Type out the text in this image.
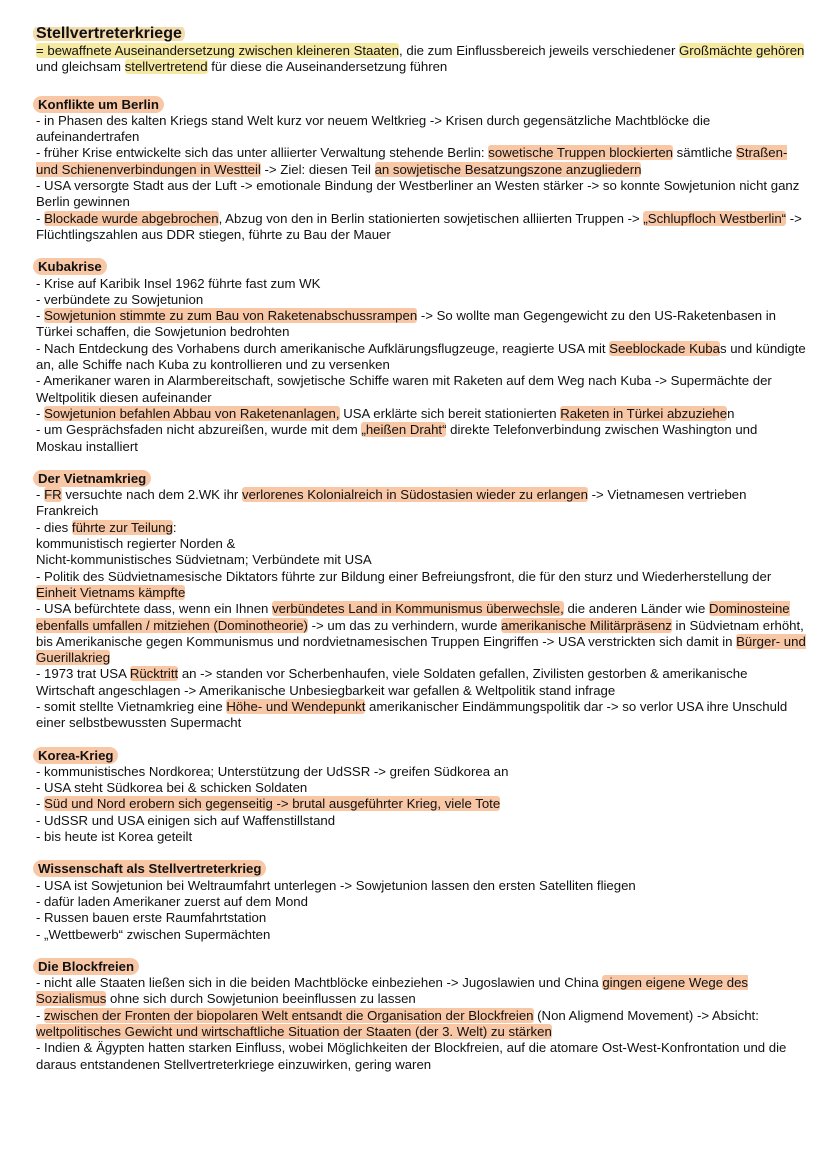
Stellvertreterkriege

= bewaffnete Auseinandersetzung zwischen kleineren Staaten, die zum Einflussbereich jeweils verschiedener Großmächte gehören und gleichsam stellvertretend für diese die Auseinandersetzung führen

Konflikte um Berlin

- in Phasen des kalten Kriegs stand Welt kurz vor neuem Weltkrieg -> Krisen durch gegensätzliche Machtblöcke die aufeinandertrafen

- früher Krise entwickelte sich das unter alliierter Verwaltung stehende Berlin: sowetische Truppen blockierten sämtliche Straßen- und Schienenverbindungen in Westteil -> Ziel: diesen Teil an sowjetische Besatzungszone anzugliedern

- USA versorgte Stadt aus der Luft -> emotionale Bindung der Westberliner an Westen stärker -> so konnte Sowjetunion nicht ganz Berlin gewinnen

- Blockade wurde abgebrochen, Abzug von den in Berlin stationierten sowjetischen alliierten Truppen -> „Schlupfloch Westberlin“ -> Flüchtlingszahlen aus DDR stiegen, führte zu Bau der Mauer

Kubakrise

- Krise auf Karibik Insel 1962 führte fast zum WK

- verbündete zu Sowjetunion

- Sowjetunion stimmte zu zum Bau von Raketenabschussrampen -> So wollte man Gegengewicht zu den US-Raketenbasen in Türkei schaffen, die Sowjetunion bedrohten

- Nach Entdeckung des Vorhabens durch amerikanische Aufklärungsflugzeuge, reagierte USA mit Seeblockade Kubas und kündigte an, alle Schiffe nach Kuba zu kontrollieren und zu versenken

- Amerikaner waren in Alarmbereitschaft, sowjetische Schiffe waren mit Raketen auf dem Weg nach Kuba -> Supermächte der Weltpolitik diesen aufeinander

- Sowjetunion befahlen Abbau von Raketenanlagen, USA erklärte sich bereit stationierten Raketen in Türkei abzuziehen

- um Gesprächsfaden nicht abzureißen, wurde mit dem „heißen Draht“ direkte Telefonverbindung zwischen Washington und Moskau installiert

Der Vietnamkrieg

- FR versuchte nach dem 2.WK ihr verlorenes Kolonialreich in Südostasien wieder zu erlangen -> Vietnamesen vertrieben Frankreich

- dies führte zur Teilung:

kommunistisch regierter Norden &

Nicht-kommunistisches Südvietnam; Verbündete mit USA

- Politik des Südvietnamesische Diktators führte zur Bildung einer Befreiungsfront, die für den sturz und Wiederherstellung der Einheit Vietnams kämpfte

- USA befürchtete dass, wenn ein Ihnen verbündetes Land in Kommunismus überwechsle, die anderen Länder wie Dominosteine ebenfalls umfallen / mitziehen (Dominotheorie) -> um das zu verhindern, wurde amerikanische Militärpräsenz in Südvietnam erhöht, bis Amerikanische gegen Kommunismus und nordvietnamesischen Truppen Eingriffen -> USA verstrickten sich damit in Bürger- und Guerillakrieg

- 1973 trat USA Rücktritt an -> standen vor Scherbenhaufen, viele Soldaten gefallen, Zivilisten gestorben & amerikanische Wirtschaft angeschlagen -> Amerikanische Unbesiegbarkeit war gefallen & Weltpolitik stand infrage

- somit stellte Vietnamkrieg eine Höhe- und Wendepunkt amerikanischer Eindämmungspolitik dar -> so verlor USA ihre Unschuld einer selbstbewussten Supermacht

Korea-Krieg

- kommunistisches Nordkorea; Unterstützung der UdSSR -> greifen Südkorea an

- USA steht Südkorea bei & schicken Soldaten

- Süd und Nord erobern sich gegenseitig -> brutal ausgeführter Krieg, viele Tote

- UdSSR und USA einigen sich auf Waffenstillstand

- bis heute ist Korea geteilt

Wissenschaft als Stellvertreterkrieg

- USA ist Sowjetunion bei Weltraumfahrt unterlegen -> Sowjetunion lassen den ersten Satelliten fliegen

- dafür laden Amerikaner zuerst auf dem Mond

- Russen bauen erste Raumfahrtstation

- „Wettbewerb“ zwischen Supermächten

Die Blockfreien

- nicht alle Staaten ließen sich in die beiden Machtblöcke einbeziehen -> Jugoslawien und China gingen eigene Wege des Sozialismus ohne sich durch Sowjetunion beeinflussen zu lassen

- zwischen der Fronten der biopolaren Welt entsandt die Organisation der Blockfreien (Non Aligmend Movement) -> Absicht: weltpolitisches Gewicht und wirtschaftliche Situation der Staaten (der 3. Welt) zu stärken

- Indien & Ägypten hatten starken Einfluss, wobei Möglichkeiten der Blockfreien, auf die atomare Ost-West-Konfrontation und die daraus entstandenen Stellvertreterkriege einzuwirken, gering waren
